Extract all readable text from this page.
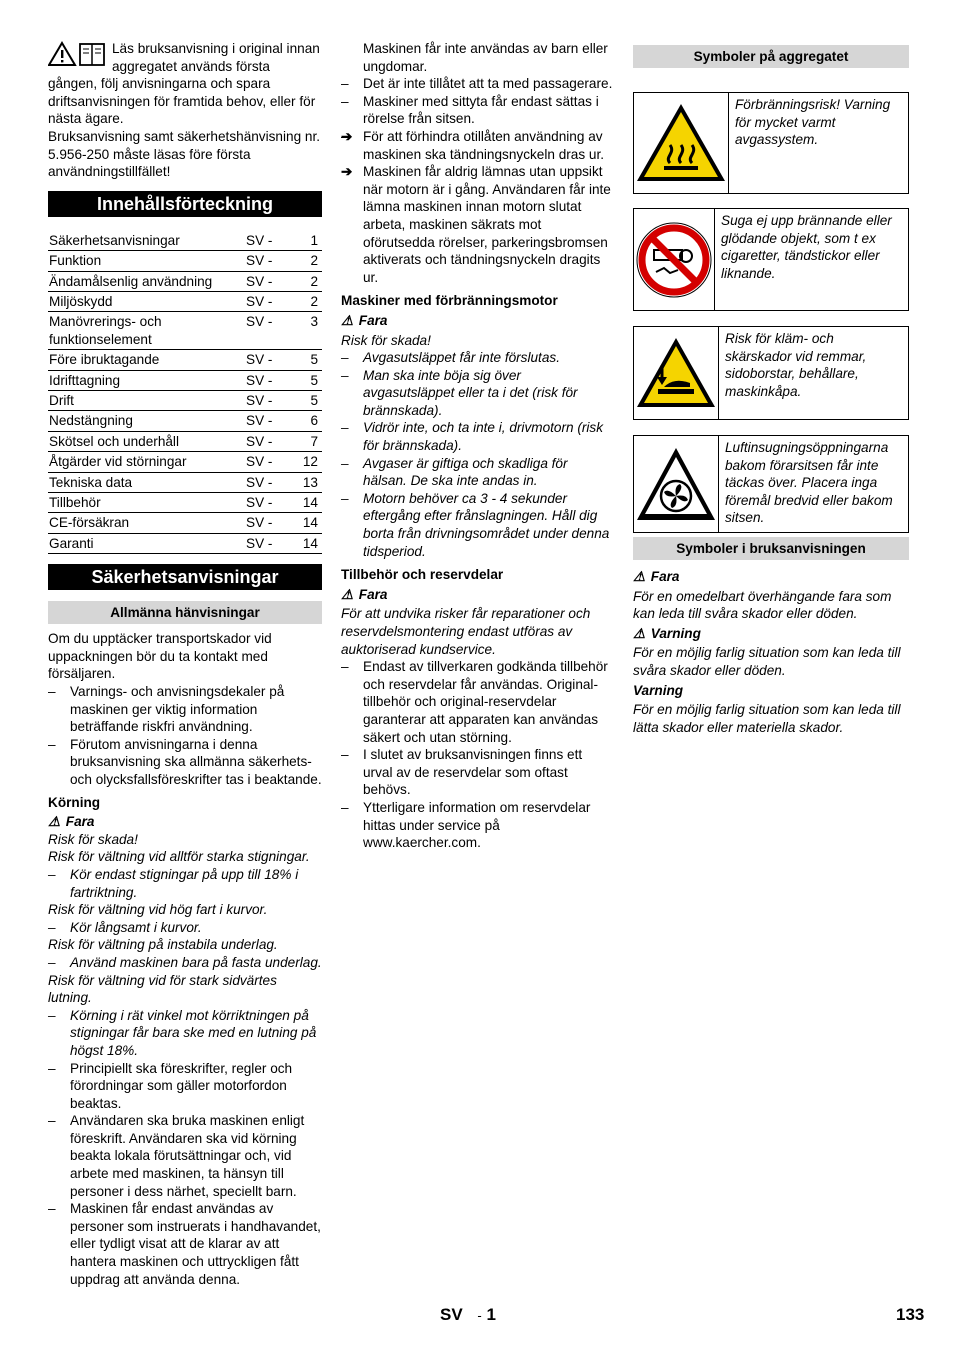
Läs bruksanvisning i original innan aggregatet används första gången, följ anvisningarna och spara driftsanvisningen för framtida behov, eller för nästa ägare.

Bruksanvisning samt säkerhetshänvisning nr. 5.956-250 måste läsas före första användningstillfället!

Innehållsförteckning
Säkerhetsanvisningar	SV -	1
Funktion	SV -	2
Ändamålsenlig användning	SV -	2
Miljöskydd	SV -	2
Manövrerings- och funktionselement	SV -	3
Före ibruktagande	SV -	5
Idrifttagning	SV -	5
Drift	SV -	5
Nedstängning	SV -	6
Skötsel och underhåll	SV -	7
Åtgärder vid störningar	SV -	12
Tekniska data	SV -	13
Tillbehör	SV -	14
CE-försäkran	SV -	14
Garanti	SV -	14
Säkerhetsanvisningar
Allmänna hänvisningar

Om du upptäcker transportskador vid uppackningen bör du ta kontakt med försäljaren.

– Varnings- och anvisningsdekaler på maskinen ger viktig information beträffande riskfri användning.
– Förutom anvisningarna i denna bruksanvisning ska allmänna säkerhets- och olycksfallsföreskrifter tas i beaktande.

Körning

⚠ Fara

Risk för skada!

Risk för vältning vid alltför starka stigningar.

– Kör endast stigningar på upp till 18% i fartriktning.

Risk för vältning vid hög fart i kurvor.

– Kör långsamt i kurvor.

Risk för vältning på instabila underlag.

– Använd maskinen bara på fasta underlag.

Risk för vältning vid för stark sidvärtes lutning.

– Körning i rät vinkel mot körriktningen på stigningar får bara ske med en lutning på högst 18%.
– Principiellt ska föreskrifter, regler och förordningar som gäller motorfordon beaktas.
– Användaren ska bruka maskinen enligt föreskrift. Användaren ska vid körning beakta lokala förutsättningar och, vid arbete med maskinen, ta hänsyn till personer i dess närhet, speciellt barn.
– Maskinen får endast användas av personer som instruerats i handhavandet, eller tydligt visat att de klarar av att hantera maskinen och uttryckligen fått uppdrag att använda denna.
– Maskinen får inte användas av barn eller ungdomar.
– Det är inte tillåtet att ta med passagerare.
– Maskiner med sittyta får endast sättas i rörelse från sitsen.
➔ För att förhindra otillåten användning av maskinen ska tändningsnyckeln dras ur.
➔ Maskinen får aldrig lämnas utan uppsikt när motorn är i gång. Användaren får inte lämna maskinen innan motorn slutat arbeta, maskinen säkrats mot oförutsedda rörelser, parkeringsbromsen aktiverats och tändningsnyckeln dragits ur.

Maskiner med förbränningsmotor

⚠ Fara

Risk för skada!

– Avgasutsläppet får inte förslutas.
– Man ska inte böja sig över avgasutsläppet eller ta i det (risk för brännskada).
– Vidrör inte, och ta inte i, drivmotorn (risk för brännskada).
– Avgaser är giftiga och skadliga för hälsan. De ska inte andas in.
– Motorn behöver ca 3 - 4 sekunder eftergång efter frånslagningen. Håll dig borta från drivningsområdet under denna tidsperiod.

Tillbehör och reservdelar

⚠ Fara

För att undvika risker får reparationer och reservdelsmontering endast utföras av auktoriserad kundservice.

– Endast av tillverkaren godkända tillbehör och reservdelar får användas. Original-tillbehör och original-reservdelar garanterar att apparaten kan användas säkert och utan störning.
– I slutet av bruksanvisningen finns ett urval av de reservdelar som oftast behövs.
– Ytterligare information om reservdelar hittas under service på www.kaercher.com.
Symboler på aggregatet
Förbränningsrisk! Varning för mycket varmt avgassystem.
Suga ej upp brännande eller glödande objekt, som t ex cigaretter, tändstickor eller liknande.
Risk för kläm- och skärskador vid remmar, sidoborstar, behållare, maskinkåpa.
Luftinsugningsöppningarna bakom förarsitsen får inte täckas över. Placera inga föremål bredvid eller bakom sitsen.
Symboler i bruksanvisningen

⚠ Fara

För en omedelbart överhängande fara som kan leda till svåra skador eller döden.

⚠ Varning

För en möjlig farlig situation som kan leda till svåra skador eller döden.

Varning

För en möjlig farlig situation som kan leda till lätta skador eller materiella skador.

SV - 1	133
